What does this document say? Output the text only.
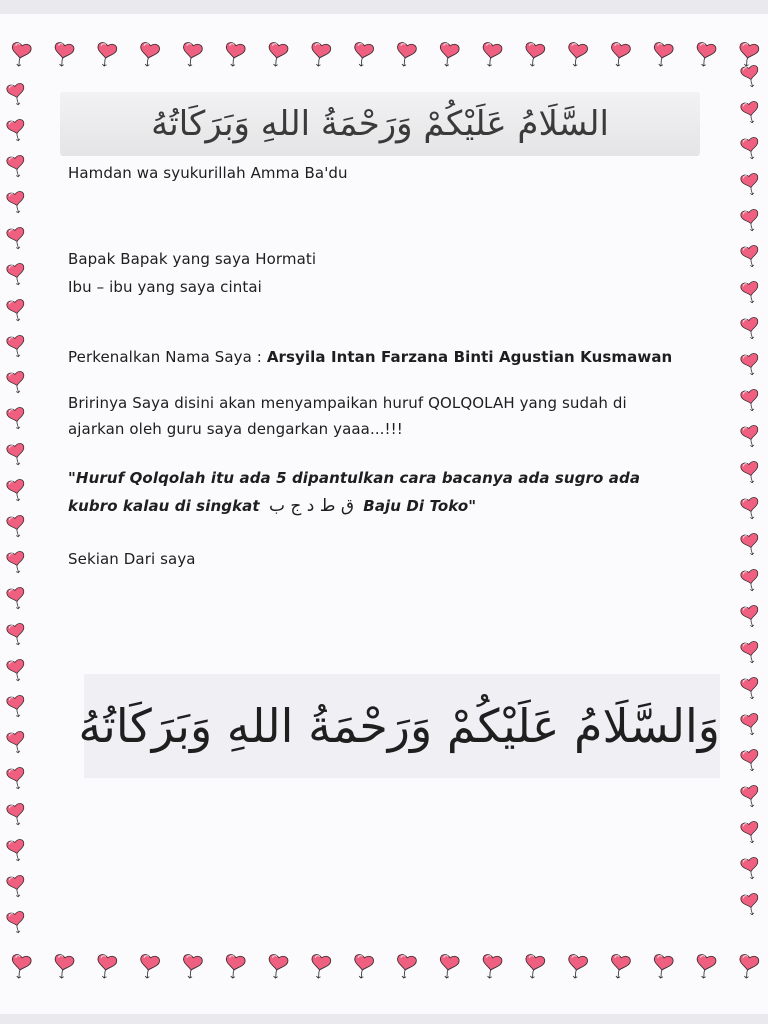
السَّلَامُ عَلَيْكُمْ وَرَحْمَةُ اللهِ وَبَرَكَاتُهُ
Hamdan wa syukurillah Amma Ba'du
Bapak Bapak yang saya Hormati
Ibu – ibu yang saya cintai
Perkenalkan Nama Saya : Arsyila Intan Farzana Binti Agustian Kusmawan
Bririnya Saya disini akan menyampaikan huruf QOLQOLAH yang sudah di
ajarkan oleh guru saya dengarkan yaaa...!!!
"Huruf Qolqolah itu ada 5 dipantulkan cara bacanya ada sugro ada
kubro kalau di singkat ق ط د ج ب Baju Di Toko"
Sekian Dari saya
وَالسَّلَامُ عَلَيْكُمْ وَرَحْمَةُ اللهِ وَبَرَكَاتُهُ
